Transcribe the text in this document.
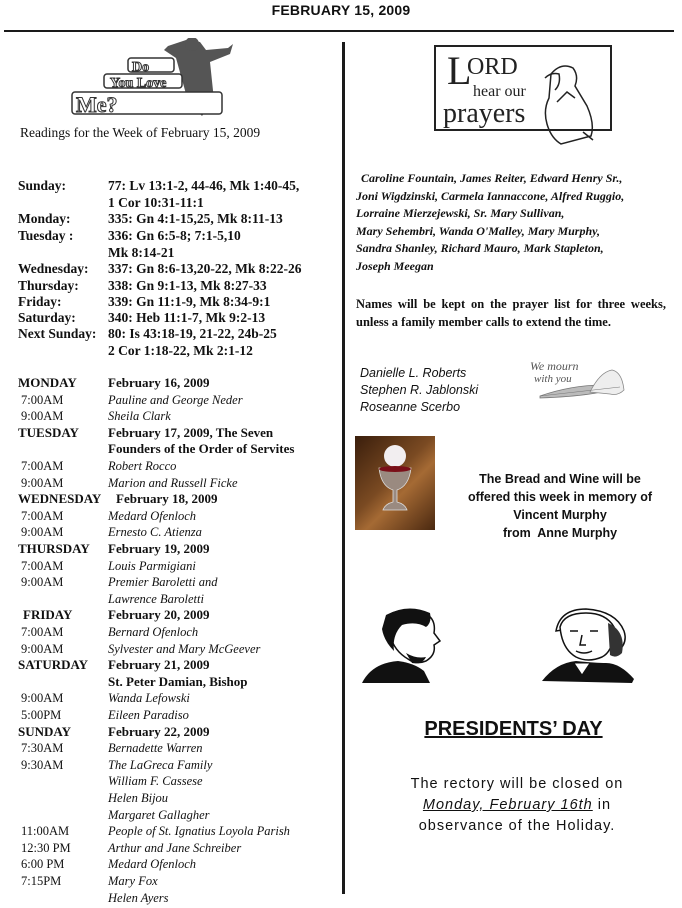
FEBRUARY 15, 2009
Do
You Love
Me?
Readings for the Week of February 15, 2009
Sunday:	77: Lv 13:1-2, 44-46, Mk 1:40-45,
1 Cor 10:31-11:1
Monday:	335: Gn 4:1-15,25, Mk 8:11-13
Tuesday :	336: Gn 6:5-8; 7:1-5,10
Mk 8:14-21
Wednesday:	337: Gn 8:6-13,20-22, Mk 8:22-26
Thursday:	338: Gn 9:1-13, Mk 8:27-33
Friday:	339: Gn 11:1-9, Mk 8:34-9:1
Saturday:	340: Heb 11:1-7, Mk 9:2-13
Next Sunday: 80: Is 43:18-19, 21-22, 24b-25
2 Cor 1:18-22, Mk 2:1-12
MONDAY February 16, 2009
7:00AM	Pauline and George Neder
9:00AM	Sheila Clark
TUESDAY February 17, 2009, The Seven
Founders of the Order of Servites
7:00AM	Robert Rocco
9:00AM	Marion and Russell Ficke
WEDNESDAY February 18, 2009
7:00AM	Medard Ofenloch
9:00AM	Ernesto C. Atienza
THURSDAY February 19, 2009
7:00AM	Louis Parmigiani
9:00AM	Premier Baroletti and
Lawrence Baroletti
FRIDAY	February 20, 2009
7:00AM	Bernard Ofenloch
9:00AM	Sylvester and Mary McGeever
SATURDAY February 21, 2009
St. Peter Damian, Bishop
9:00AM	Wanda Lefowski
5:00PM	Eileen Paradiso
SUNDAY	February 22, 2009
7:30AM	Bernadette Warren
9:30AM	The LaGreca Family
William F. Cassese
Helen Bijou
Margaret Gallagher
11:00AM	People of St. Ignatius Loyola Parish
12:30 PM	Arthur and Jane Schreiber
6:00 PM	Medard Ofenloch
7:15PM	Mary Fox
Helen Ayers
L
ORD
hear our
prayers
Caroline Fountain, James Reiter, Edward Henry Sr.,
Joni Wigdzinski, Carmela Iannaccone, Alfred Ruggio,
Lorraine Mierzejewski, Sr. Mary Sullivan,
Mary Sehembri, Wanda O'Malley, Mary Murphy,
Sandra Shanley, Richard Mauro, Mark Stapleton,
Joseph Meegan
Names will be kept on the prayer list for three weeks, unless a family member calls to extend the time.
Danielle L. Roberts
Stephen R. Jablonski
Roseanne Scerbo
We mourn
with you
The Bread and Wine will be
offered this week in memory of
Vincent Murphy
from  Anne Murphy
PRESIDENTS’ DAY
The rectory will be closed on
Monday, February 16th in
observance of the Holiday.
